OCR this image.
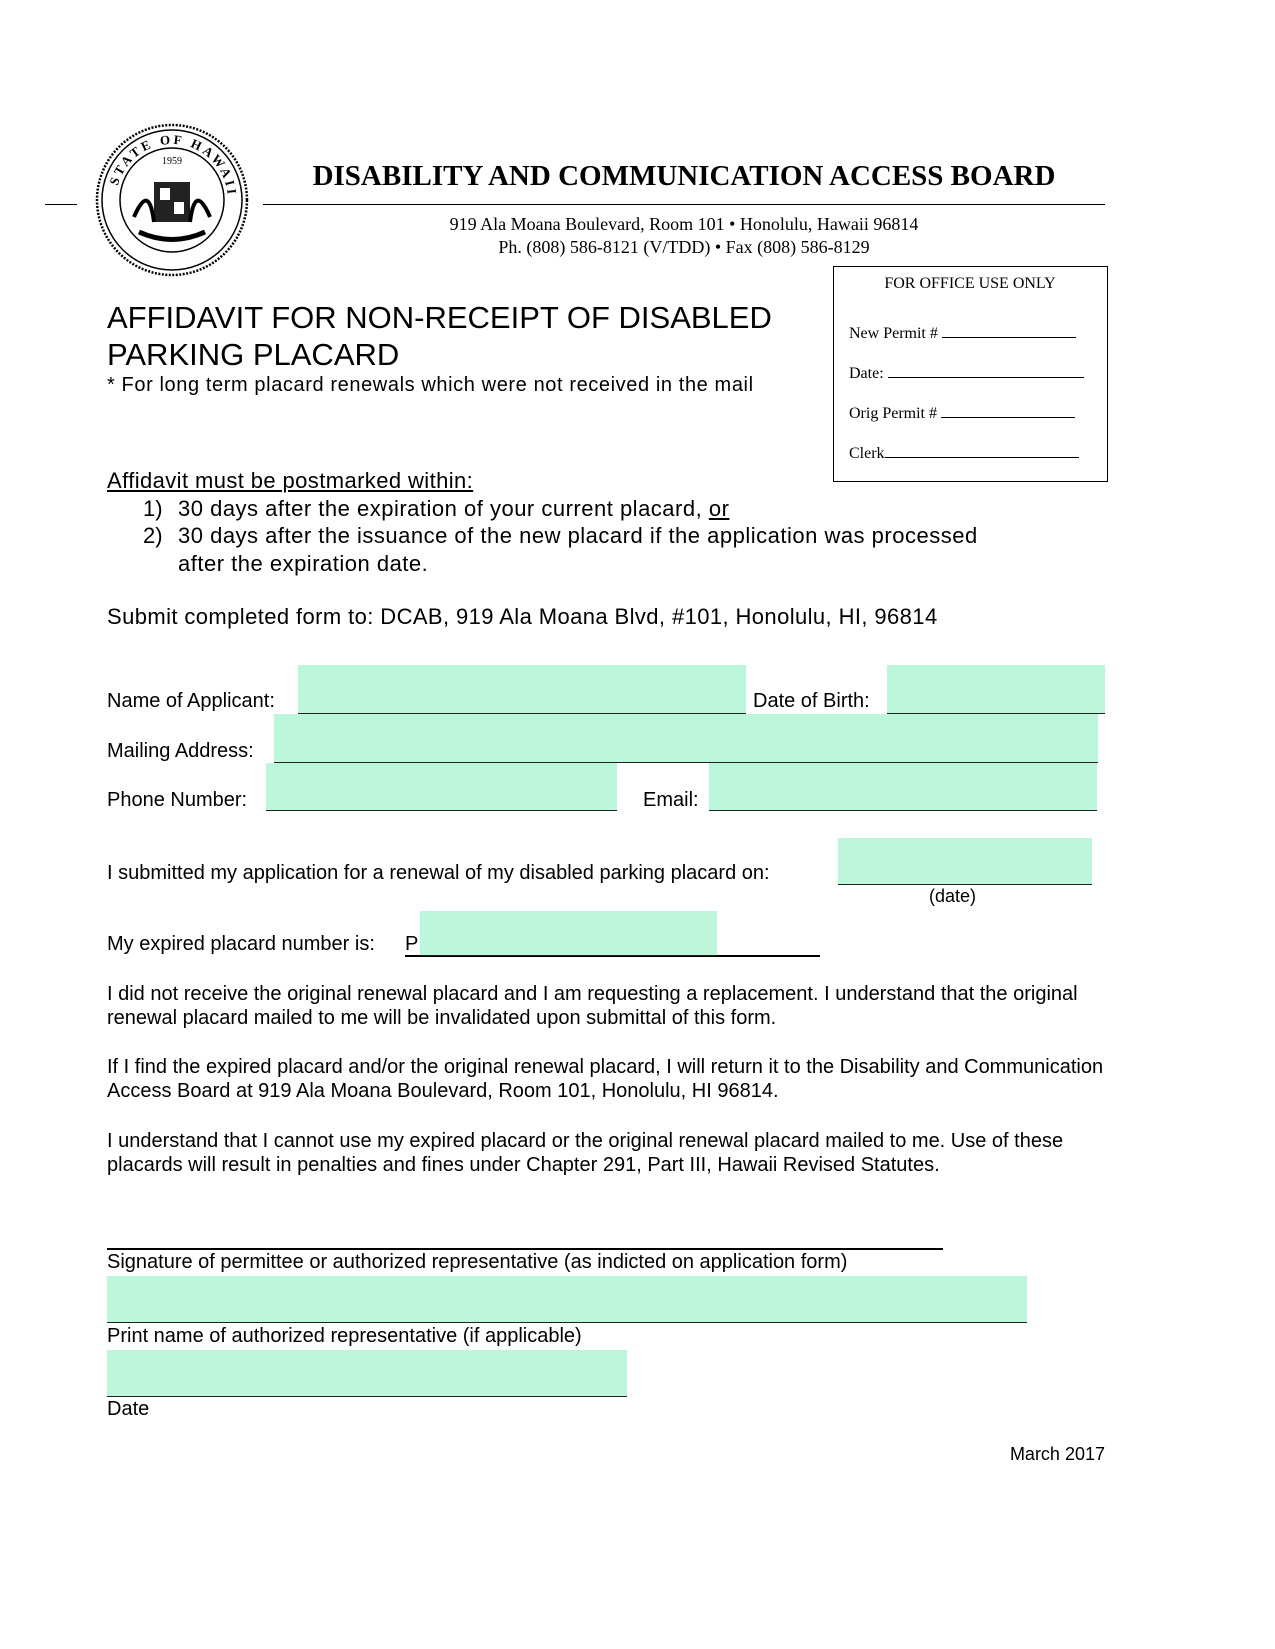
STATE OF HAWAII
1959	DISABILITY AND COMMUNICATION ACCESS BOARD
919 Ala Moana Boulevard, Room 101 • Honolulu, Hawaii 96814
Ph. (808) 586-8121 (V/TDD) • Fax (808) 586-8129
FOR OFFICE USE ONLY
New Permit #
Date:
Orig Permit #
Clerk
AFFIDAVIT FOR NON-RECEIPT OF DISABLED
PARKING PLACARD
* For long term placard renewals which were not received in the mail
Affidavit must be postmarked within:
1) 30 days after the expiration of your current placard, or
2) 30 days after the issuance of the new placard if the application was processed
after the expiration date.
Submit completed form to: DCAB, 919 Ala Moana Blvd, #101, Honolulu, HI, 96814
Name of Applicant:	Date of Birth:
Mailing Address:
Phone Number:	Email:
I submitted my application for a renewal of my disabled parking placard on:
(date)
My expired placard number is: P
I did not receive the original renewal placard and I am requesting a replacement. I understand that the original renewal placard mailed to me will be invalidated upon submittal of this form.
If I find the expired placard and/or the original renewal placard, I will return it to the Disability and Communication Access Board at 919 Ala Moana Boulevard, Room 101, Honolulu, HI 96814.
I understand that I cannot use my expired placard or the original renewal placard mailed to me. Use of these placards will result in penalties and fines under Chapter 291, Part III, Hawaii Revised Statutes.
Signature of permittee or authorized representative (as indicted on application form)
Print name of authorized representative (if applicable)
Date
March 2017
